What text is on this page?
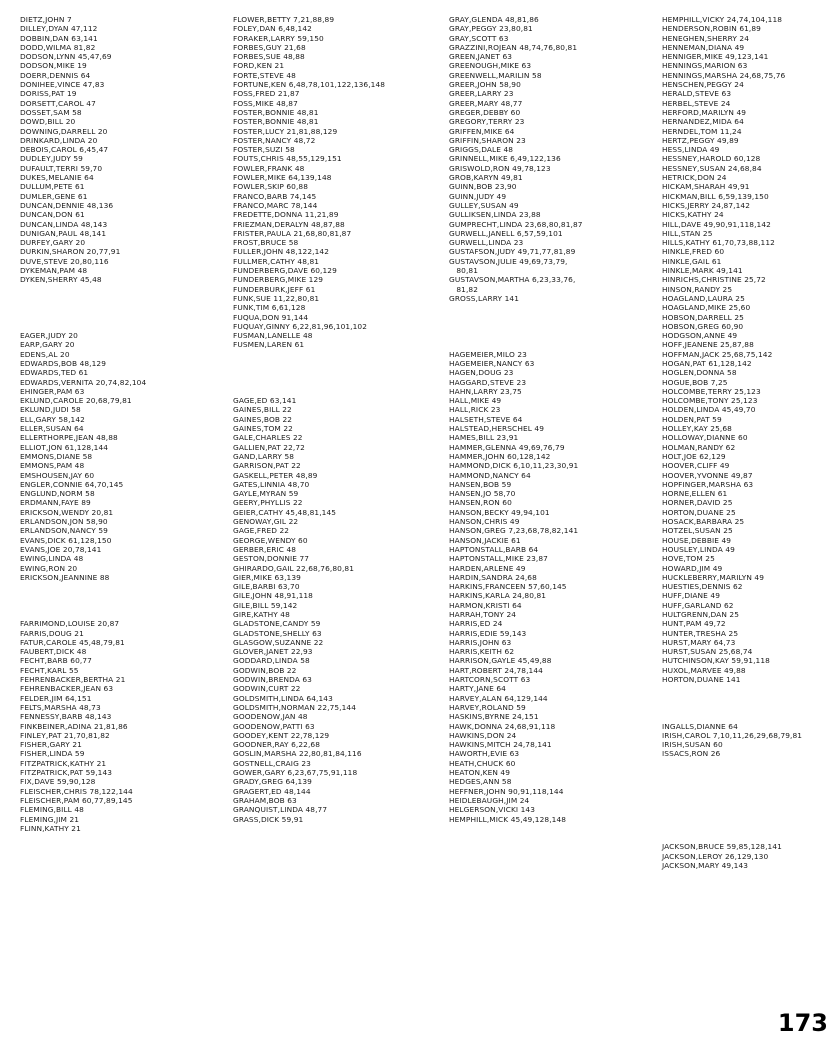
DIETZ,JOHN 7
DILLEY,DYAN 47,112
DOBBIN,DAN 63,141
DODD,WILMA 81,82
DODSON,LYNN 45,47,69
DODSON,MIKE 19
DOERR,DENNIS 64
DONIHEE,VINCE 47,83
DORISS,PAT 19
DORSETT,CAROL 47
DOSSET,SAM 58
DOWD,BILL 20
DOWNING,DARRELL 20
DRINKARD,LINDA 20
DEBOIS,CAROL 6,45,47
DUDLEY,JUDY 59
DUFAULT,TERRI 59,70
DUKES,MELANIE 64
DULLUM,PETE 61
DUMLER,GENE 61
DUNCAN,DENNIE 48,136
DUNCAN,DON 61
DUNCAN,LINDA 48,143
DUNIGAN,PAUL 48,141
DURFEY,GARY 20
DURKIN,SHARON 20,77,91
DUVE,STEVE 20,80,116
DYKEMAN,PAM 48
DYKEN,SHERRY 45,48
EAGER,JUDY 20
EARP,GARY 20
EDENS,AL 20
EDWARDS,BOB 48,129
EDWARDS,TED 61
EDWARDS,VERNITA 20,74,82,104
EHINGER,PAM 63
EKLUND,CAROLE 20,68,79,81
EKLUND,JUDI 58
ELL,GARY 58,142
ELLER,SUSAN 64
ELLERTHORPE,JEAN 48,88
ELLIOT,JON 61,128,144
EMMONS,DIANE 58
EMMONS,PAM 48
EMSHOUSEN,JAY 60
ENGLER,CONNIE 64,70,145
ENGLUND,NORM 58
ERDMANN,FAYE 89
ERICKSON,WENDY 20,81
ERLANDSON,JON 58,90
ERLANDSON,NANCY 59
EVANS,DICK 61,128,150
EVANS,JOE 20,78,141
EWING,LINDA 48
EWING,RON 20
ERICKSON,JEANNINE 88
FARRIMOND,LOUISE 20,87
FARRIS,DOUG 21
FATUR,CAROLE 45,48,79,81
FAUBERT,DICK 48
FECHT,BARB 60,77
FECHT,KARL 55
FEHRENBACKER,BERTHA 21
FEHRENBACKER,JEAN 63
FELDER,JIM 64,151
FELTS,MARSHA 48,73
FENNESSY,BARB 48,143
FINKBEINER,ADINA 21,81,86
FINLEY,PAT 21,70,81,82
FISHER,GARY 21
FISHER,LINDA 59
FITZPATRICK,KATHY 21
FITZPATRICK,PAT 59,143
FIX,DAVE 59,90,128
FLEISCHER,CHRIS 78,122,144
FLEISCHER,PAM 60,77,89,145
FLEMING,BILL 48
FLEMING,JIM 21
FLINN,KATHY 21
FLOWER,BETTY 7,21,88,89
FOLEY,DAN 6,48,142
FORAKER,LARRY 59,150
FORBES,GUY 21,68
FORBES,SUE 48,88
FORD,KEN 21
FORTE,STEVE 48
FORTUNE,KEN 6,48,78,101,122,136,148
FOSS,FRED 21,87
FOSS,MIKE 48,87
FOSTER,BONNIE 48,81
FOSTER,BONNIE 48,81
FOSTER,LUCY 21,81,88,129
FOSTER,NANCY 48,72
FOSTER,SUZI 58
FOUTS,CHRIS 48,55,129,151
FOWLER,FRANK 48
FOWLER,MIKE 64,139,148
FOWLER,SKIP 60,88
FRANCO,BARB 74,145
FRANCO,MARC 78,144
FREDETTE,DONNA 11,21,89
FRIEZMAN,DERALYN 48,87,88
FRISTER,PAULA 21,68,80,81,87
FROST,BRUCE 58
FULLER,JOHN 48,122,142
FULLMER,CATHY 48,81
FUNDERBERG,DAVE 60,129
FUNDERBERG,MIKE 129
FUNDERBURK,JEFF 61
FUNK,SUE 11,22,80,81
FUNK,TIM 6,61,128
FUQUA,DON 91,144
FUQUAY,GINNY 6,22,81,96,101,102
FUSMAN,LANELLE 48
FUSMEN,LAREN 61
GAGE,ED 63,141
GAINES,BILL 22
GAINES,BOB 22
GAINES,TOM 22
GALE,CHARLES 22
GALLIEN,PAT 22,72
GAND,LARRY 58
GARRISON,PAT 22
GASKELL,PETER 48,89
GATES,LINNIA 48,70
GAYLE,MYRAN 59
GEERY,PHYLLIS 22
GEIER,CATHY 45,48,81,145
GENOWAY,GIL 22
GAGE,FRED 22
GEORGE,WENDY 60
GERBER,ERIC 48
GESTON,DONNIE 77
GHIRARDO,GAIL 22,68,76,80,81
GIER,MIKE 63,139
GILE,BARBI 63,70
GILE,JOHN 48,91,118
GILE,BILL 59,142
GIRE,KATHY 48
GLADSTONE,CANDY 59
GLADSTONE,SHELLY 63
GLASGOW,SUZANNE 22
GLOVER,JANET 22,93
GODDARD,LINDA 58
GODWIN,BOB 22
GODWIN,BRENDA 63
GODWIN,CURT 22
GOLDSMITH,LINDA 64,143
GOLDSMITH,NORMAN 22,75,144
GOODENOW,JAN 48
GOODENOW,PATTI 63
GOODEY,KENT 22,78,129
GOODNER,RAY 6,22,68
GOSLIN,MARSHA 22,80,81,84,116
GOSTNELL,CRAIG 23
GOWER,GARY 6,23,67,75,91,118
GRADY,GREG 64,139
GRAGERT,ED 48,144
GRAHAM,BOB 63
GRANQUIST,LINDA 48,77
GRASS,DICK 59,91
GRAY,GLENDA 48,81,86
GRAY,PEGGY 23,80,81
GRAY,SCOTT 63
GRAZZINI,ROJEAN 48,74,76,80,81
GREEN,JANET 63
GREENOUGH,MIKE 63
GREENWELL,MARILIN 58
GREER,JOHN 58,90
GREER,LARRY 23
GREER,MARY 48,77
GREGER,DEBBY 60
GREGORY,TERRY 23
GRIFFEN,MIKE 64
GRIFFIN,SHARON 23
GRIGGS,DALE 48
GRINNELL,MIKE 6,49,122,136
GRISWOLD,RON 49,78,123
GROB,KARYN 49,81
GUINN,BOB 23,90
GUINN,JUDY 49
GULLEY,SUSAN 49
GULLIKSEN,LINDA 23,88
GUMPRECHT,LINDA 23,68,80,81,87
GURWELL,JANELL 6,57,59,101
GURWELL,LINDA 23
GUSTAFSON,JUDY 49,71,77,81,89
GUSTAVSON,JULIE 49,69,73,79,
80,81
GUSTAVSON,MARTHA 6,23,33,76,
81,82
GROSS,LARRY 141
HAGEMEIER,MILO 23
HAGEMEIER,NANCY 63
HAGEN,DOUG 23
HAGGARD,STEVE 23
HAHN,LARRY 23,75
HALL,MIKE 49
HALL,RICK 23
HALSETH,STEVE 64
HALSTEAD,HERSCHEL 49
HAMES,BILL 23,91
HAMMER,GLENNA 49,69,76,79
HAMMER,JOHN 60,128,142
HAMMOND,DICK 6,10,11,23,30,91
HAMMOND,NANCY 64
HANSEN,BOB 59
HANSEN,JO 58,70
HANSEN,RON 60
HANSON,BECKY 49,94,101
HANSON,CHRIS 49
HANSON,GREG 7,23,68,78,82,141
HANSON,JACKIE 61
HAPTONSTALL,BARB 64
HAPTONSTALL,MIKE 23,87
HARDEN,ARLENE 49
HARDIN,SANDRA 24,68
HARKINS,FRANCEEN 57,60,145
HARKINS,KARLA 24,80,81
HARMON,KRISTI 64
HARRAH,TONY 24
HARRIS,ED 24
HARRIS,EDIE 59,143
HARRIS,JOHN 63
HARRIS,KEITH 62
HARRISON,GAYLE 45,49,88
HART,ROBERT 24,78,144
HARTCORN,SCOTT 63
HARTY,JANE 64
HARVEY,ALAN 64,129,144
HARVEY,ROLAND 59
HASKINS,BYRNE 24,151
HAWK,DONNA 24,68,91,118
HAWKINS,DON 24
HAWKINS,MITCH 24,78,141
HAWORTH,EVIE 63
HEATH,CHUCK 60
HEATON,KEN 49
HEDGES,ANN 58
HEFFNER,JOHN 90,91,118,144
HEIDLEBAUGH,JIM 24
HELGERSON,VICKI 143
HEMPHILL,MICK 45,49,128,148
HEMPHILL,VICKY 24,74,104,118
HENDERSON,ROBIN 61,89
HENEGHEN,SHERRY 24
HENNEMAN,DIANA 49
HENNIGER,MIKE 49,123,141
HENNINGS,MARION 63
HENNINGS,MARSHA 24,68,75,76
HENSCHEN,PEGGY 24
HERALD,STEVE 63
HERBEL,STEVE 24
HERFORD,MARILYN 49
HERNANDEZ,MIDA 64
HERNDEL,TOM 11,24
HERTZ,PEGGY 49,89
HESS,LINDA 49
HESSNEY,HAROLD 60,128
HESSNEY,SUSAN 24,68,84
HETRICK,DON 24
HICKAM,SHARAH 49,91
HICKMAN,BILL 6,59,139,150
HICKS,JERRY 24,87,142
HICKS,KATHY 24
HILL,DAVE 49,90,91,118,142
HILL,STAN 25
HILLS,KATHY 61,70,73,88,112
HINKLE,FRED 60
HINKLE,GAIL 61
HINKLE,MARK 49,141
HINRICHS,CHRISTINE 25,72
HINSON,RANDY 25
HOAGLAND,LAURA 25
HOAGLAND,MIKE 25,60
HOBSON,DARRELL 25
HOBSON,GREG 60,90
HODGSON,ANNE 49
HOFF,JEANENE 25,87,88
HOFFMAN,JACK 25,68,75,142
HOGAN,PAT 61,128,142
HOGLEN,DONNA 58
HOGUE,BOB 7,25
HOLCOMBE,TERRY 25,123
HOLCOMBE,TONY 25,123
HOLDEN,LINDA 45,49,70
HOLDEN,PAT 59
HOLLEY,KAY 25,68
HOLLOWAY,DIANNE 60
HOLMAN,RANDY 62
HOLT,JOE 62,129
HOOVER,CLIFF 49
HOOVER,YVONNE 49,87
HOPFINGER,MARSHA 63
HORNE,ELLEN 61
HORNER,DAVID 25
HORTON,DUANE 25
HOSACK,BARBARA 25
HOTZEL,SUSAN 25
HOUSE,DEBBIE 49
HOUSLEY,LINDA 49
HOVE,TOM 25
HOWARD,JIM 49
HUCKLEBERRY,MARILYN 49
HUESTIES,DENNIS 62
HUFF,DIANE 49
HUFF,GARLAND 62
HULTGRENN,DAN 25
HUNT,PAM 49,72
HUNTER,TRESHA 25
HURST,MARY 64,73
HURST,SUSAN 25,68,74
HUTCHINSON,KAY 59,91,118
HUXOL,MARVEE 49,88
HORTON,DUANE 141
INGALLS,DIANNE 64
IRISH,CAROL 7,10,11,26,29,68,79,81
IRISH,SUSAN 60
ISSACS,RON 26
JACKSON,BRUCE 59,85,128,141
JACKSON,LEROY 26,129,130
JACKSON,MARY 49,143
173
